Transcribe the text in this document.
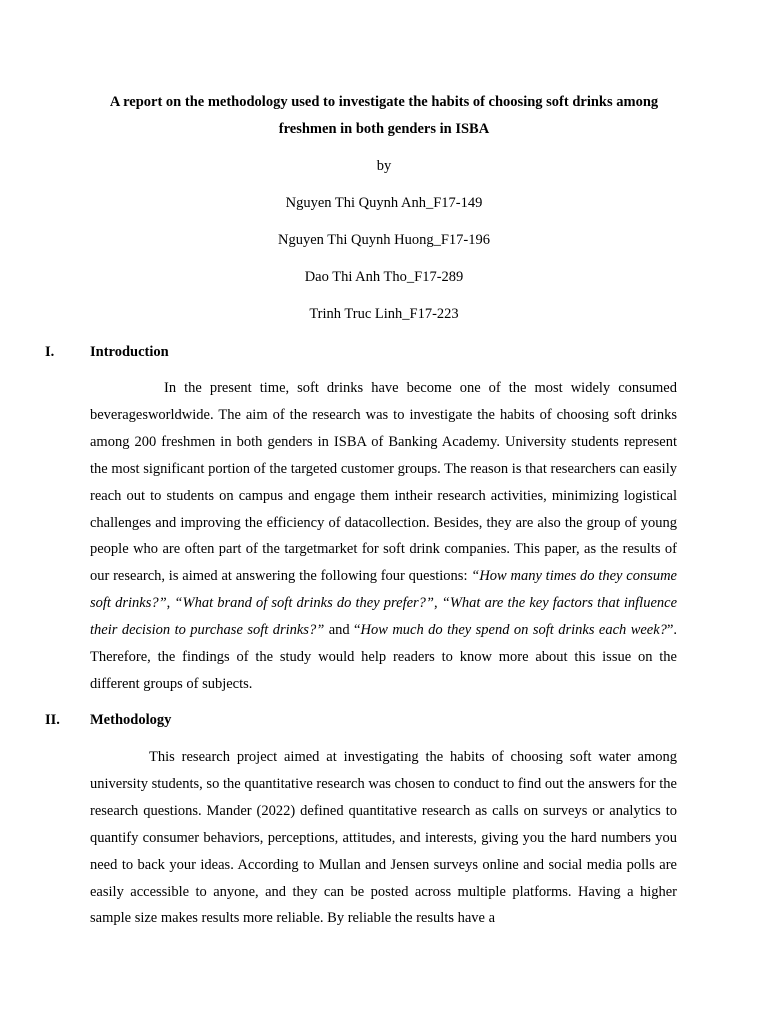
A report on the methodology used to investigate the habits of choosing soft drinks among freshmen in both genders in ISBA
by
Nguyen Thi Quynh Anh_F17-149
Nguyen Thi Quynh Huong_F17-196
Dao Thi Anh Tho_F17-289
Trinh Truc Linh_F17-223
I. Introduction

In the present time, soft drinks have become one of the most widely consumed beveragesworldwide. The aim of the research was to investigate the habits of choosing soft drinks among 200 freshmen in both genders in ISBA of Banking Academy. University students represent the most significant portion of the targeted customer groups. The reason is that researchers can easily reach out to students on campus and engage them intheir research activities, minimizing logistical challenges and improving the efficiency of datacollection. Besides, they are also the group of young people who are often part of the targetmarket for soft drink companies. This paper, as the results of our research, is aimed at answering the following four questions: “How many times do they consume soft drinks?”, “What brand of soft drinks do they prefer?”, “What are the key factors that influence their decision to purchase soft drinks?” and “How much do they spend on soft drinks each week?”. Therefore, the findings of the study would help readers to know more about this issue on the different groups of subjects.

II. Methodology

This research project aimed at investigating the habits of choosing soft water among university students, so the quantitative research was chosen to conduct to find out the answers for the research questions. Mander (2022) defined quantitative research as calls on surveys or analytics to quantify consumer behaviors, perceptions, attitudes, and interests, giving you the hard numbers you need to back your ideas. According to Mullan and Jensen surveys online and social media polls are easily accessible to anyone, and they can be posted across multiple platforms. Having a higher sample size makes results more reliable. By reliable the results have a
